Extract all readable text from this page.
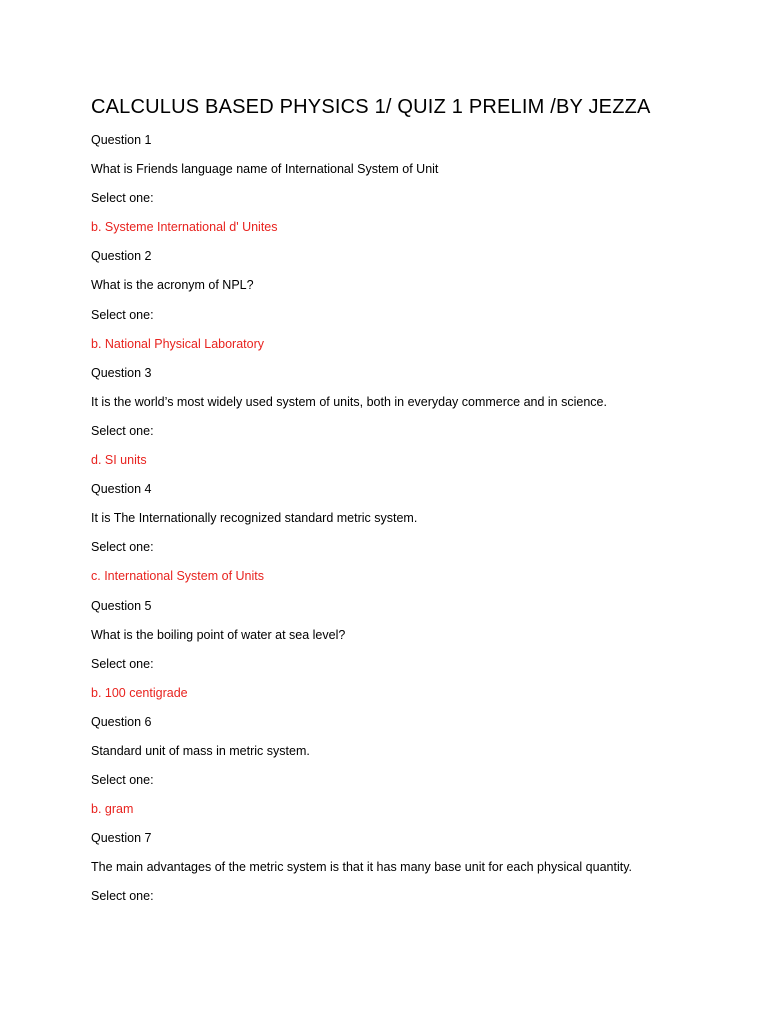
CALCULUS BASED PHYSICS 1/ QUIZ 1 PRELIM /BY JEZZA
Question 1
What is Friends language name of International System of Unit
Select one:
b. Systeme International d' Unites
Question 2
What is the acronym of NPL?
Select one:
b. National Physical Laboratory
Question 3
It is the world’s most widely used system of units, both in everyday commerce and in science.
Select one:
d. SI units
Question 4
It is The Internationally recognized standard metric system.
Select one:
c. International System of Units
Question 5
What is the boiling point of water at sea level?
Select one:
b. 100 centigrade
Question 6
Standard unit of mass in metric system.
Select one:
b. gram
Question 7
The main advantages of the metric system is that it has many base unit for each physical quantity.
Select one:
